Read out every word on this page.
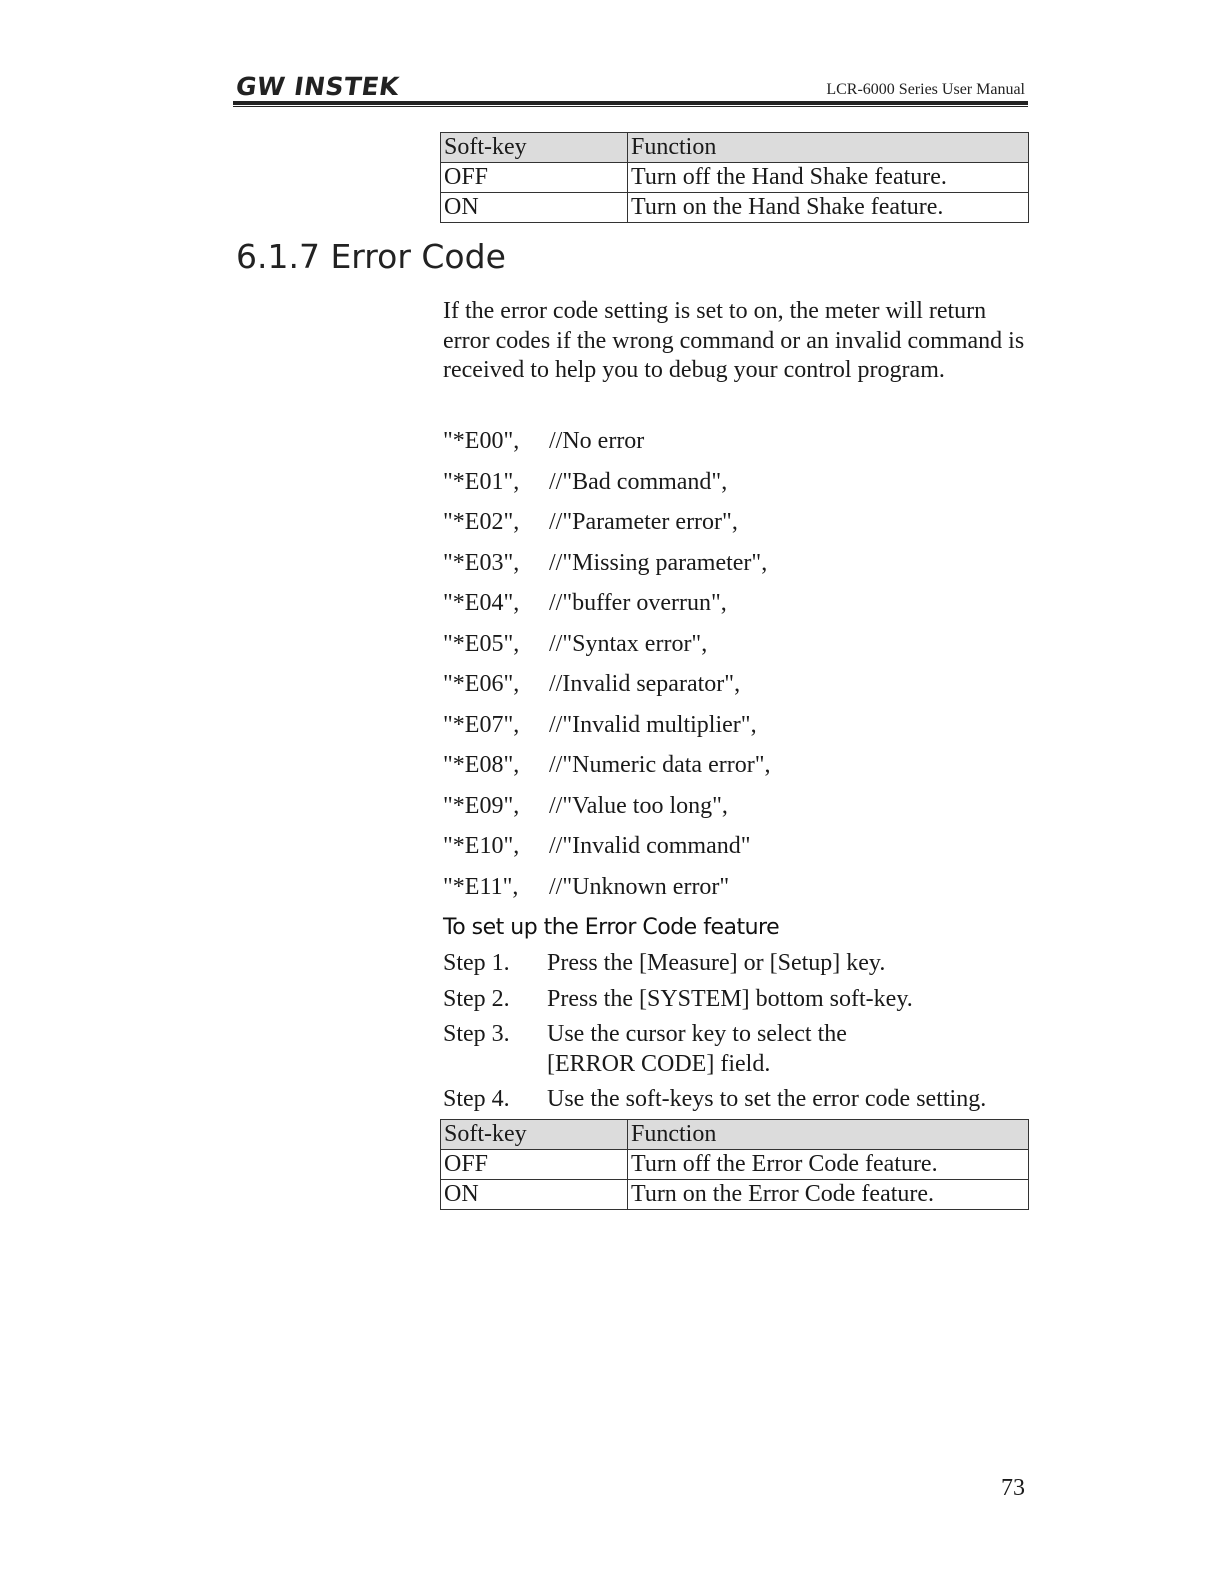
GW INSTEK	LCR-6000 Series User Manual
Soft-key	Function
OFF	Turn off the Hand Shake feature.
ON	Turn on the Hand Shake feature.
6.1.7 Error Code

If the error code setting is set to on, the meter will return error codes if the wrong command or an invalid command is received to help you to debug your control program.

"*E00", //No error
"*E01", //"Bad command",
"*E02", //"Parameter error",
"*E03", //"Missing parameter",
"*E04", //"buffer overrun",
"*E05", //"Syntax error",
"*E06", //Invalid separator",
"*E07", //"Invalid multiplier",
"*E08", //"Numeric data error",
"*E09", //"Value too long",
"*E10", //"Invalid command"
"*E11", //"Unknown error"
To set up the Error Code feature
Step 1.	Press the [Measure] or [Setup] key.
Step 2.	Press the [SYSTEM] bottom soft-key.
Step 3.	Use the cursor key to select the [ERROR CODE] field.
Step 4.	Use the soft-keys to set the error code setting.
Soft-key	Function
OFF	Turn off the Error Code feature.
ON	Turn on the Error Code feature.
73
